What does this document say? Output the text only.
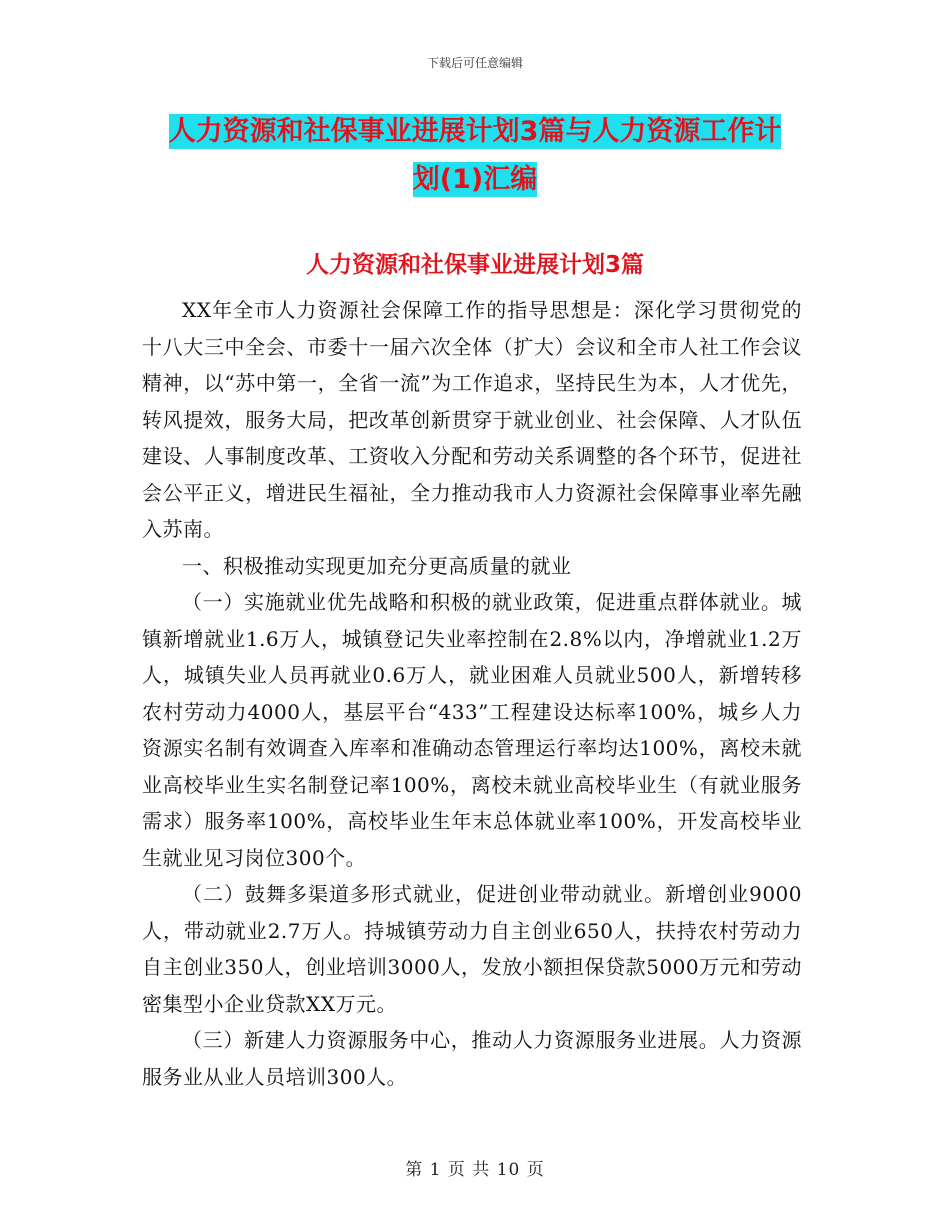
下载后可任意编辑
人力资源和社保事业进展计划3篇与人力资源工作计
划(1)汇编
人力资源和社保事业进展计划3篇

XX年全市人力资源社会保障工作的指导思想是：深化学习贯彻党的十八大三中全会、市委十一届六次全体（扩大）会议和全市人社工作会议精神，以“苏中第一，全省一流”为工作追求，坚持民生为本，人才优先，转风提效，服务大局，把改革创新贯穿于就业创业、社会保障、人才队伍建设、人事制度改革、工资收入分配和劳动关系调整的各个环节，促进社会公平正义，增进民生福祉，全力推动我市人力资源社会保障事业率先融入苏南。

一、积极推动实现更加充分更高质量的就业

（一）实施就业优先战略和积极的就业政策，促进重点群体就业。城镇新增就业1.6万人，城镇登记失业率控制在2.8%以内，净增就业1.2万人，城镇失业人员再就业0.6万人，就业困难人员就业500人，新增转移农村劳动力4000人，基层平台“433”工程建设达标率100%，城乡人力资源实名制有效调查入库率和准确动态管理运行率均达100%，离校未就业高校毕业生实名制登记率100%，离校未就业高校毕业生（有就业服务需求）服务率100%，高校毕业生年末总体就业率100%，开发高校毕业生就业见习岗位300个。

（二）鼓舞多渠道多形式就业，促进创业带动就业。新增创业9000人，带动就业2.7万人。持城镇劳动力自主创业650人，扶持农村劳动力自主创业350人，创业培训3000人，发放小额担保贷款5000万元和劳动密集型小企业贷款XX万元。

（三）新建人力资源服务中心，推动人力资源服务业进展。人力资源服务业从业人员培训300人。

第 1 页 共 10 页
